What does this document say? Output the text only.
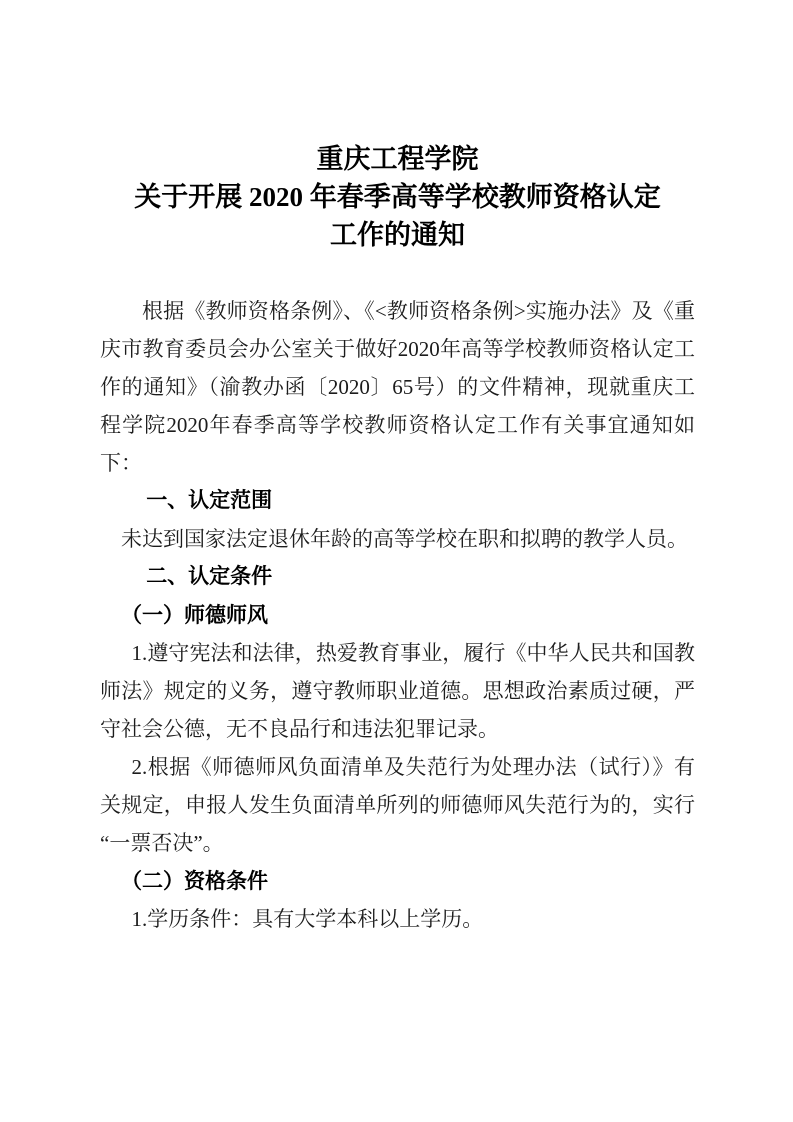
重庆工程学院
关于开展 2020 年春季高等学校教师资格认定
工作的通知
根据《教师资格条例》、《<教师资格条例>实施办法》及《重庆市教育委员会办公室关于做好2020年高等学校教师资格认定工作的通知》（渝教办函〔2020〕65号）的文件精神，现就重庆工程学院2020年春季高等学校教师资格认定工作有关事宜通知如下：
一、认定范围
未达到国家法定退休年龄的高等学校在职和拟聘的教学人员。
二、认定条件
（一）师德师风
1.遵守宪法和法律，热爱教育事业，履行《中华人民共和国教师法》规定的义务，遵守教师职业道德。思想政治素质过硬，严守社会公德，无不良品行和违法犯罪记录。
2.根据《师德师风负面清单及失范行为处理办法（试行）》有关规定，申报人发生负面清单所列的师德师风失范行为的，实行“一票否决”。
（二）资格条件
1.学历条件：具有大学本科以上学历。
